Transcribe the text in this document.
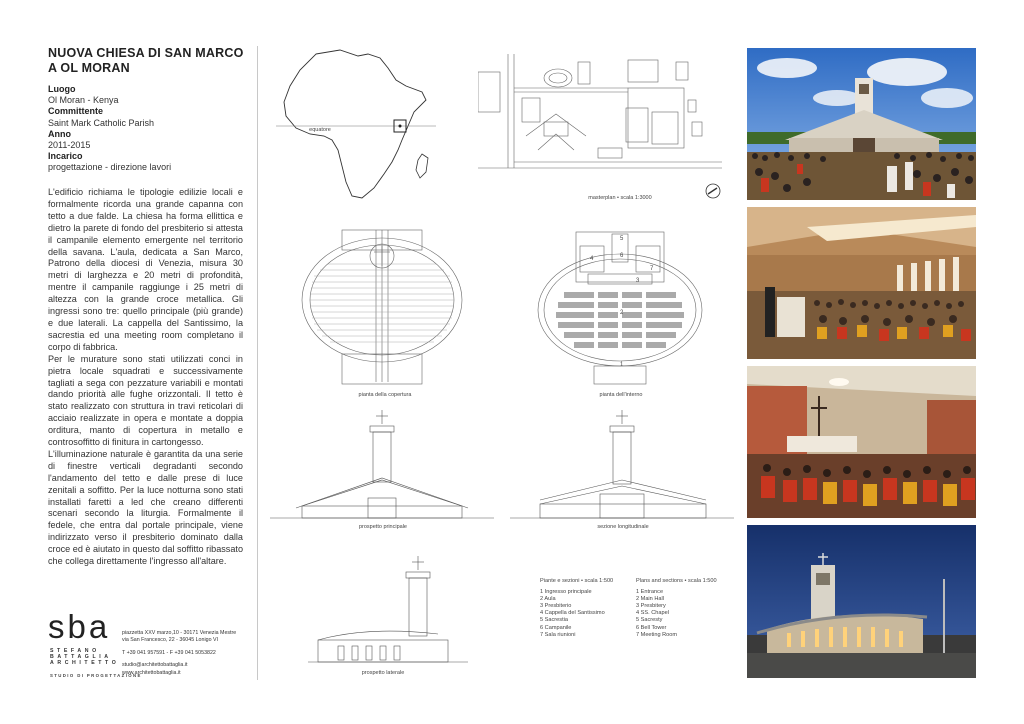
NUOVA CHIESA DI SAN MARCO
A OL MORAN
Luogo
Ol Moran - Kenya
Committente
Saint Mark Catholic Parish
Anno
2011-2015
Incarico
progettazione - direzione lavori
L'edificio richiama le tipologie edilizie locali e formalmente ricorda una grande capanna con tetto a due falde. La chiesa ha forma ellittica e dietro la parete di fondo del presbiterio si attesta il campanile elemento emergente nel territorio della savana. L'aula, dedicata a San Marco, Patrono della diocesi di Venezia, misura 30 metri di larghezza e 20 metri di profondità, mentre il campanile raggiunge i 25 metri di altezza con la grande croce metallica. Gli ingressi sono tre: quello principale (più grande) e due laterali. La cappella del Santissimo, la sacrestia ed una meeting room completano il corpo di fabbrica.
Per le murature sono stati utilizzati conci in pietra locale squadrati e successivamente tagliati a sega con pezzature variabili e montati dando priorità alle fughe orizzontali. Il tetto è stato realizzato con struttura in travi reticolari di acciaio realizzate in opera e montate a doppia orditura, manto di copertura in metallo e controsoffitto di finitura in cartongesso.
L'illuminazione naturale è garantita da una serie di finestre verticali degradanti secondo l'andamento del tetto e dalle prese di luce zenitali a soffitto. Per la luce notturna sono stati installati faretti a led che creano differenti scenari secondo la liturgia. Formalmente il fedele, che entra dal portale principale, viene indirizzato verso il presbiterio dominato dalla croce ed è aiutato in questo dal soffitto ribassato che collega direttamente l'ingresso all'altare.
sba
STEFANO
BATTAGLIA
ARCHITETTO
STUDIO DI PROGETTAZIONE
piazzetta XXV marzo,10 - 30171 Venezia Mestre
via San Francesco, 22 - 36045 Lonigo VI
T +39 041 957591 - F +39 041 5053822
studio@architettobattaglia.it
www.architettobattaglia.it
equatore
masterplan • scala 1:3000
pianta della copertura
5
4	6
7
3
2
1
pianta dell'interno
prospetto principale	sezione longitudinale
prospetto laterale
Piante e sezioni • scala 1:500
1 Ingresso principale
2 Aula
3 Presbiterio
4 Cappella del Santissimo
5 Sacrestia
6 Campanile
7 Sala riunioni
Plans and sections • scala 1:500
1 Entrance
2 Main Hall
3 Presbitery
4 SS. Chapel
5 Sacresty
6 Bell Tower
7 Meeting Room
